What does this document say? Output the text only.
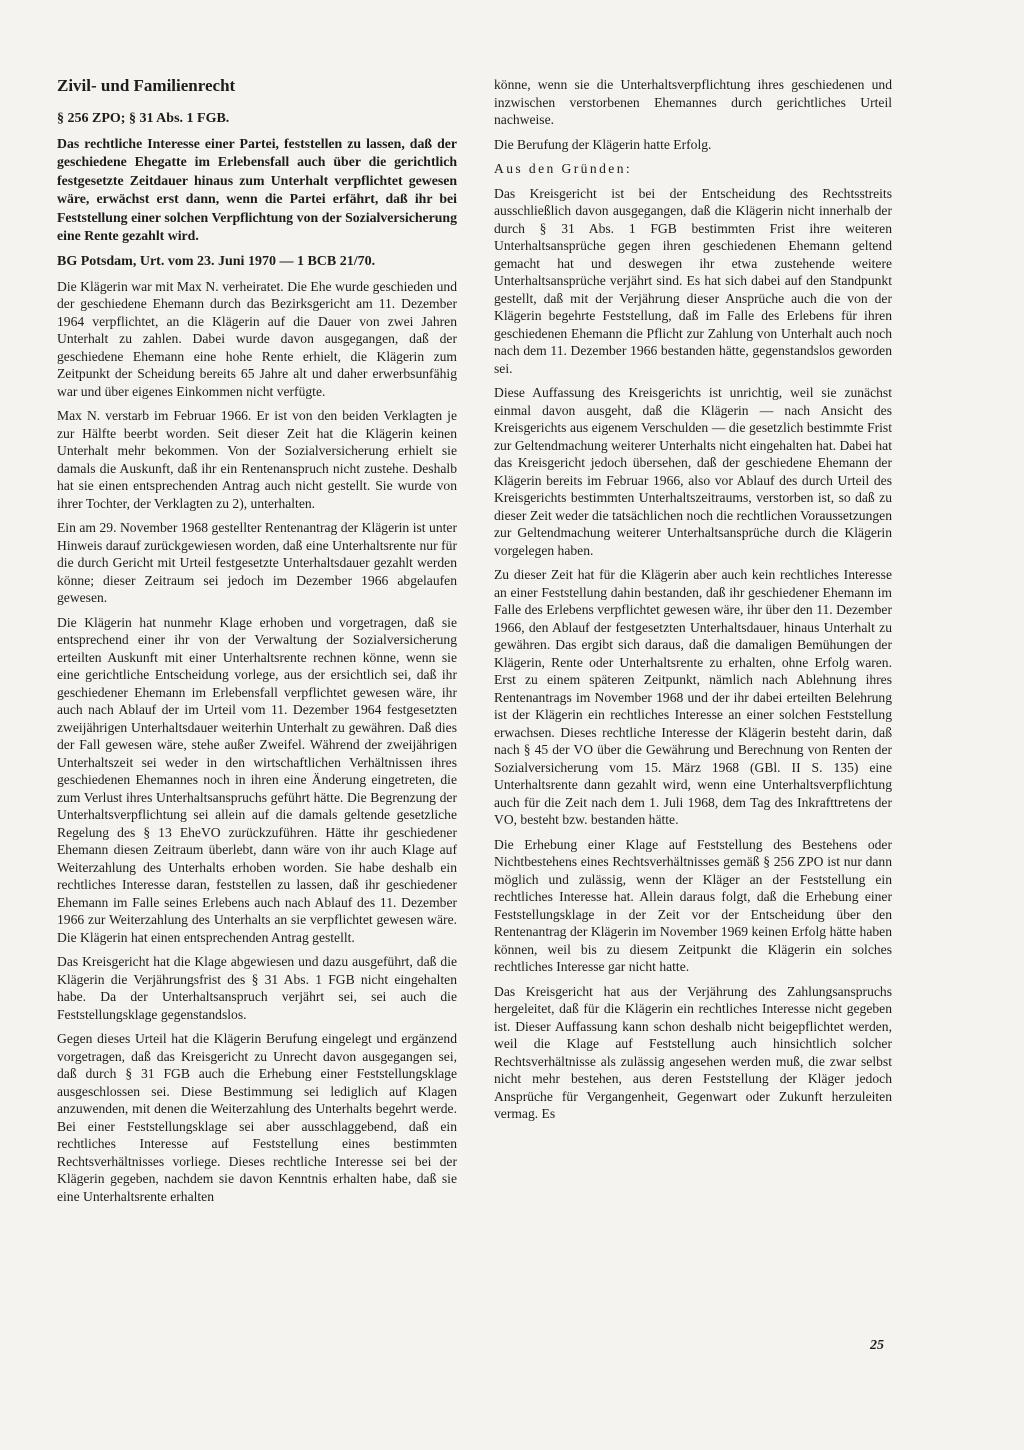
Zivil- und Familienrecht

§ 256 ZPO; § 31 Abs. 1 FGB.

Das rechtliche Interesse einer Partei, feststellen zu lassen, daß der geschiedene Ehegatte im Erlebensfall auch über die gerichtlich festgesetzte Zeitdauer hinaus zum Unterhalt verpflichtet gewesen wäre, erwächst erst dann, wenn die Partei erfährt, daß ihr bei Feststellung einer solchen Verpflichtung von der Sozialversicherung eine Rente gezahlt wird.

BG Potsdam, Urt. vom 23. Juni 1970 — 1 BCB 21/70.

Die Klägerin war mit Max N. verheiratet. Die Ehe wurde geschieden und der geschiedene Ehemann durch das Bezirksgericht am 11. Dezember 1964 verpflichtet, an die Klägerin auf die Dauer von zwei Jahren Unterhalt zu zahlen. Dabei wurde davon ausgegangen, daß der geschiedene Ehemann eine hohe Rente erhielt, die Klägerin zum Zeitpunkt der Scheidung bereits 65 Jahre alt und daher erwerbsunfähig war und über eigenes Einkommen nicht verfügte.

Max N. verstarb im Februar 1966. Er ist von den beiden Verklagten je zur Hälfte beerbt worden. Seit dieser Zeit hat die Klägerin keinen Unterhalt mehr bekommen. Von der Sozialversicherung erhielt sie damals die Auskunft, daß ihr ein Rentenanspruch nicht zustehe. Deshalb hat sie einen entsprechenden Antrag auch nicht gestellt. Sie wurde von ihrer Tochter, der Verklagten zu 2), unterhalten.

Ein am 29. November 1968 gestellter Rentenantrag der Klägerin ist unter Hinweis darauf zurückgewiesen worden, daß eine Unterhaltsrente nur für die durch Gericht mit Urteil festgesetzte Unterhaltsdauer gezahlt werden könne; dieser Zeitraum sei jedoch im Dezember 1966 abgelaufen gewesen.

Die Klägerin hat nunmehr Klage erhoben und vorgetragen, daß sie entsprechend einer ihr von der Verwaltung der Sozialversicherung erteilten Auskunft mit einer Unterhaltsrente rechnen könne, wenn sie eine gerichtliche Entscheidung vorlege, aus der ersichtlich sei, daß ihr geschiedener Ehemann im Erlebensfall verpflichtet gewesen wäre, ihr auch nach Ablauf der im Urteil vom 11. Dezember 1964 festgesetzten zweijährigen Unterhaltsdauer weiterhin Unterhalt zu gewähren. Daß dies der Fall gewesen wäre, stehe außer Zweifel. Während der zweijährigen Unterhaltszeit sei weder in den wirtschaftlichen Verhältnissen ihres geschiedenen Ehemannes noch in ihren eine Änderung eingetreten, die zum Verlust ihres Unterhaltsanspruchs geführt hätte. Die Begrenzung der Unterhaltsverpflichtung sei allein auf die damals geltende gesetzliche Regelung des § 13 EheVO zurückzuführen. Hätte ihr geschiedener Ehemann diesen Zeitraum überlebt, dann wäre von ihr auch Klage auf Weiterzahlung des Unterhalts erhoben worden. Sie habe deshalb ein rechtliches Interesse daran, feststellen zu lassen, daß ihr geschiedener Ehemann im Falle seines Erlebens auch nach Ablauf des 11. Dezember 1966 zur Weiterzahlung des Unterhalts an sie verpflichtet gewesen wäre. Die Klägerin hat einen entsprechenden Antrag gestellt.

Das Kreisgericht hat die Klage abgewiesen und dazu ausgeführt, daß die Klägerin die Verjährungsfrist des § 31 Abs. 1 FGB nicht eingehalten habe. Da der Unterhaltsanspruch verjährt sei, sei auch die Feststellungsklage gegenstandslos.

Gegen dieses Urteil hat die Klägerin Berufung eingelegt und ergänzend vorgetragen, daß das Kreisgericht zu Unrecht davon ausgegangen sei, daß durch § 31 FGB auch die Erhebung einer Feststellungsklage ausgeschlossen sei. Diese Bestimmung sei lediglich auf Klagen anzuwenden, mit denen die Weiterzahlung des Unterhalts begehrt werde. Bei einer Feststellungsklage sei aber ausschlaggebend, daß ein rechtliches Interesse auf Feststellung eines bestimmten Rechtsverhältnisses vorliege. Dieses rechtliche Interesse sei bei der Klägerin gegeben, nachdem sie davon Kenntnis erhalten habe, daß sie eine Unterhaltsrente erhalten

könne, wenn sie die Unterhaltsverpflichtung ihres geschiedenen und inzwischen verstorbenen Ehemannes durch gerichtliches Urteil nachweise.

Die Berufung der Klägerin hatte Erfolg.

Aus den Gründen:

Das Kreisgericht ist bei der Entscheidung des Rechtsstreits ausschließlich davon ausgegangen, daß die Klägerin nicht innerhalb der durch § 31 Abs. 1 FGB bestimmten Frist ihre weiteren Unterhaltsansprüche gegen ihren geschiedenen Ehemann geltend gemacht hat und deswegen ihr etwa zustehende weitere Unterhaltsansprüche verjährt sind. Es hat sich dabei auf den Standpunkt gestellt, daß mit der Verjährung dieser Ansprüche auch die von der Klägerin begehrte Feststellung, daß im Falle des Erlebens für ihren geschiedenen Ehemann die Pflicht zur Zahlung von Unterhalt auch noch nach dem 11. Dezember 1966 bestanden hätte, gegenstandslos geworden sei.

Diese Auffassung des Kreisgerichts ist unrichtig, weil sie zunächst einmal davon ausgeht, daß die Klägerin — nach Ansicht des Kreisgerichts aus eigenem Verschulden — die gesetzlich bestimmte Frist zur Geltendmachung weiterer Unterhalts nicht eingehalten hat. Dabei hat das Kreisgericht jedoch übersehen, daß der geschiedene Ehemann der Klägerin bereits im Februar 1966, also vor Ablauf des durch Urteil des Kreisgerichts bestimmten Unterhaltszeitraums, verstorben ist, so daß zu dieser Zeit weder die tatsächlichen noch die rechtlichen Voraussetzungen zur Geltendmachung weiterer Unterhaltsansprüche durch die Klägerin vorgelegen haben.

Zu dieser Zeit hat für die Klägerin aber auch kein rechtliches Interesse an einer Feststellung dahin bestanden, daß ihr geschiedener Ehemann im Falle des Erlebens verpflichtet gewesen wäre, ihr über den 11. Dezember 1966, den Ablauf der festgesetzten Unterhaltsdauer, hinaus Unterhalt zu gewähren. Das ergibt sich daraus, daß die damaligen Bemühungen der Klägerin, Rente oder Unterhaltsrente zu erhalten, ohne Erfolg waren. Erst zu einem späteren Zeitpunkt, nämlich nach Ablehnung ihres Rentenantrags im November 1968 und der ihr dabei erteilten Belehrung ist der Klägerin ein rechtliches Interesse an einer solchen Feststellung erwachsen. Dieses rechtliche Interesse der Klägerin besteht darin, daß nach § 45 der VO über die Gewährung und Berechnung von Renten der Sozialversicherung vom 15. März 1968 (GBl. II S. 135) eine Unterhaltsrente dann gezahlt wird, wenn eine Unterhaltsverpflichtung auch für die Zeit nach dem 1. Juli 1968, dem Tag des Inkrafttretens der VO, besteht bzw. bestanden hätte.

Die Erhebung einer Klage auf Feststellung des Bestehens oder Nichtbestehens eines Rechtsverhältnisses gemäß § 256 ZPO ist nur dann möglich und zulässig, wenn der Kläger an der Feststellung ein rechtliches Interesse hat. Allein daraus folgt, daß die Erhebung einer Feststellungsklage in der Zeit vor der Entscheidung über den Rentenantrag der Klägerin im November 1969 keinen Erfolg hätte haben können, weil bis zu diesem Zeitpunkt die Klägerin ein solches rechtliches Interesse gar nicht hatte.

Das Kreisgericht hat aus der Verjährung des Zahlungsanspruchs hergeleitet, daß für die Klägerin ein rechtliches Interesse nicht gegeben ist. Dieser Auffassung kann schon deshalb nicht beigepflichtet werden, weil die Klage auf Feststellung auch hinsichtlich solcher Rechtsverhältnisse als zulässig angesehen werden muß, die zwar selbst nicht mehr bestehen, aus deren Feststellung der Kläger jedoch Ansprüche für Vergangenheit, Gegenwart oder Zukunft herzuleiten vermag. Es

25
